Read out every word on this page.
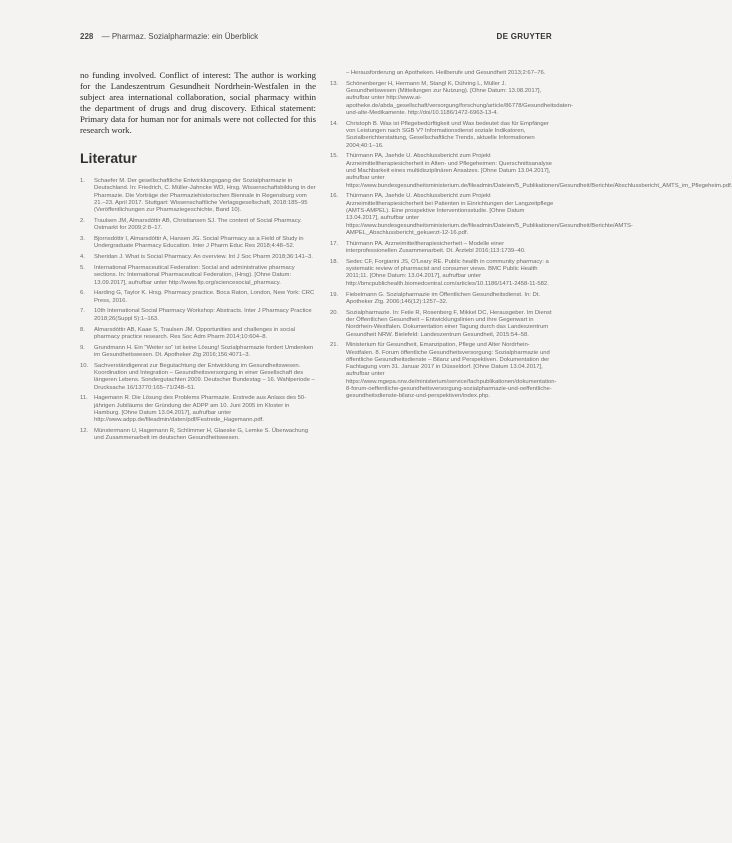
228 — Pharmaz. Sozialpharmazie: ein Überblick	DE GRUYTER

no funding involved. Conflict of interest: The author is working for the Landeszentrum Gesundheit Nordrhein-Westfalen in the subject area international collaboration, social pharmacy within the department of drugs and drug discovery. Ethical statement: Primary data for human nor for animals were not collected for this research work.

Literatur
1.	Schaefer M. Der gesellschaftliche Entwicklungsgang der Sozialpharmazie in Deutschland. In: Friedrich, C. Müller-Jahncke WD, Hrsg. Wissenschaftsbildung in der Pharmazie. Die Vorträge der Pharmaziehistorischen Biennale in Regensburg vom 21.–23. April 2017. Stuttgart: Wissenschaftliche Verlagsgesellschaft, 2018:185–95 (Veröffentlichungen zur Pharmaziegeschichte, Band 10).
2.	Traulsen JM, Almarsdóttir AB, Christiansen SJ. The context of Social Pharmacy. Ostmarkt for 2009;2:8–17.
3.	Bjornsdóttir I, Almarsdóttir A, Hansen JG. Social Pharmacy as a Field of Study in Undergraduate Pharmacy Education. Inter J Pharm Educ Res 2018;4:48–52.
4.	Sheridan J. What is Social Pharmacy. An overview. Int J Soc Pharm 2018;36:141–3.
5.	International Pharmaceutical Federation: Social and administrative pharmacy sections. In: International Pharmaceutical Federation, (Hrsg). [Ohne Datum: 13.09.2017], aufrufbar unter http://www.fip.org/sciencesocial_pharmacy.
6.	Harding G, Taylor K. Hrsg. Pharmacy practice. Boca Raton, London, New York: CRC Press, 2016.
7.	10th International Social Pharmacy Workshop: Abstracts. Inter J Pharmacy Practice 2018;26(Suppl 5):1–163.
8.	Almarsdóttir AB, Kaae S, Traulsen JM. Opportunities and challenges in social pharmacy practice research. Res Soc Adm Pharm 2014;10:604–8.
9.	Grundmann H. Ein "Weiter so" ist keine Lösung! Sozialpharmazie fordert Umdenken im Gesundheitswesen. Dt. Apotheker Ztg 2016;156:4071–3.
10. Sachverständigenrat zur Begutachtung der Entwicklung im Gesundheitswesen. Koordination und Integration – Gesundheitsversorgung in einer Gesellschaft des längeren Lebens. Sondergutachten 2009. Deutscher Bundestag – 16. Wahlperiode – Drucksache 16/13770:165–71/248–51.
11.	Hagemann R. Die Lösung des Problems Pharmazie. Erstrede aus Anlass des 50-jährigen Jubiläums der Gründung der ADPP am 10. Juni 2005 im Kloster in Hamburg. [Ohne Datum 13.04.2017], aufrufbar unter http://www.adpp.de/fileadmin/daten/pdf/Festrede_Hagemann.pdf.
12. Münstermann U, Hagemann R, Schlimmer H, Glaeske G, Lemke S. Überwachung und Zusammenarbeit im deutschen Gesundheitswesen.
– Herausforderung an Apotheken. Heilberufe und Gesundheit 2013;2:67–76.
13.	Schönenberger H, Hermann M, Stangl K, Dühring L, Müller J. Gesundheitswesen (Mitteilungen zur Nutzung). [Ohne Datum: 13.08.2017], aufrufbar unter http://www.ai-apotheke.de/abda_gesellschaft/versorgung/forschung/article/86778/Gesundheitsdaten-und-alte-Medikamente. http://doi/10.1186/1472-6963-13-4.
14.	Christoph B. Was ist Pflegebedürftigkeit und Was bedeutet das für Empfänger von Leistungen nach SGB V? Informationsdienst soziale Indikatoren, Sozialberichterstattung, Gesellschaftliche Trends, aktuelle Informationen 2004;40:1–16.
15.	Thürmann PA, Jaehde U. Abschlussbericht zum Projekt Arzneimitteltherapiesicherheit in Alten- und Pflegeheimen: Querschnittsanalyse und Machbarkeit eines multidisziplinären Ansatzes. [Ohne Datum 13.04.2017], aufrufbar unter https://www.bundesgesundheitsministerium.de/fileadmin/Dateien/5_Publikationen/Gesundheit/Berichte/Abschlussbericht_AMTS_im_Pflegeheim.pdf.
16.	Thürmann PA, Jaehde U. Abschlussbericht zum Projekt Arzneimitteltherapiesicherheit bei Patienten in Einrichtungen der Langzeitpflege (AMTS-AMPEL). Eine prospektive Interventionsstudie. [Ohne Datum 13.04.2017], aufrufbar unter https://www.bundesgesundheitsministerium.de/fileadmin/Dateien/5_Publikationen/Gesundheit/Berichte/AMTS-AMPEL_Abschlussbericht_gekuerzt-12-16.pdf.
17.	Thürmann PA. Arzneimitteltherapiesicherheit – Modelle einer interprofessionellen Zusammenarbeit. Dt. Ärztebl 2016;113:1739–40.
18.	Sedec CF, Forgiarini JS, O'Leary RE. Public health in community pharmacy: a systematic review of pharmacist and consumer views. BMC Public Health 2011;11. [Ohne Datum: 13.04.2017], aufrufbar unter http://bmcpublichealth.biomedcentral.com/articles/10.1186/1471-2458-11-582.
19.	Fiebelmann G. Sozialpharmazie im Öffentlichen Gesundheitsdienst. In: Dt. Apotheker Ztg. 2006;146(12):1257–32.
20.	Sozialpharmazie. In: Feile R, Rosenberg F, Mikkel DC, Herausgeber. Im Dienst der Öffentlichen Gesundheit – Entwicklungslinien und ihre Gegenwart in Nordrhein-Westfalen. Dokumentation einer Tagung durch das Landeszentrum Gesundheit NRW. Bielefeld: Landeszentrum Gesundheit, 2015:54–58.
21.	Ministerium für Gesundheit, Emanzipation, Pflege und Alter Nordrhein-Westfalen. 8. Forum öffentliche Gesundheitsversorgung: Sozialpharmazie und öffentliche Gesundheitsdienste – Bilanz und Perspektiven. Dokumentation der Fachtagung vom 31. Januar 2017 in Düsseldorf. [Ohne Datum 13.04.2017], aufrufbar unter https://www.mgepa.nrw.de/ministerium/service/fachpublikationen/dokumentation-8-forum-oeffentliche-gesundheitsversorgung-sozialpharmazie-und-oeffentliche-gesundheitsdienste-bilanz-und-perspektiven/index.php.
